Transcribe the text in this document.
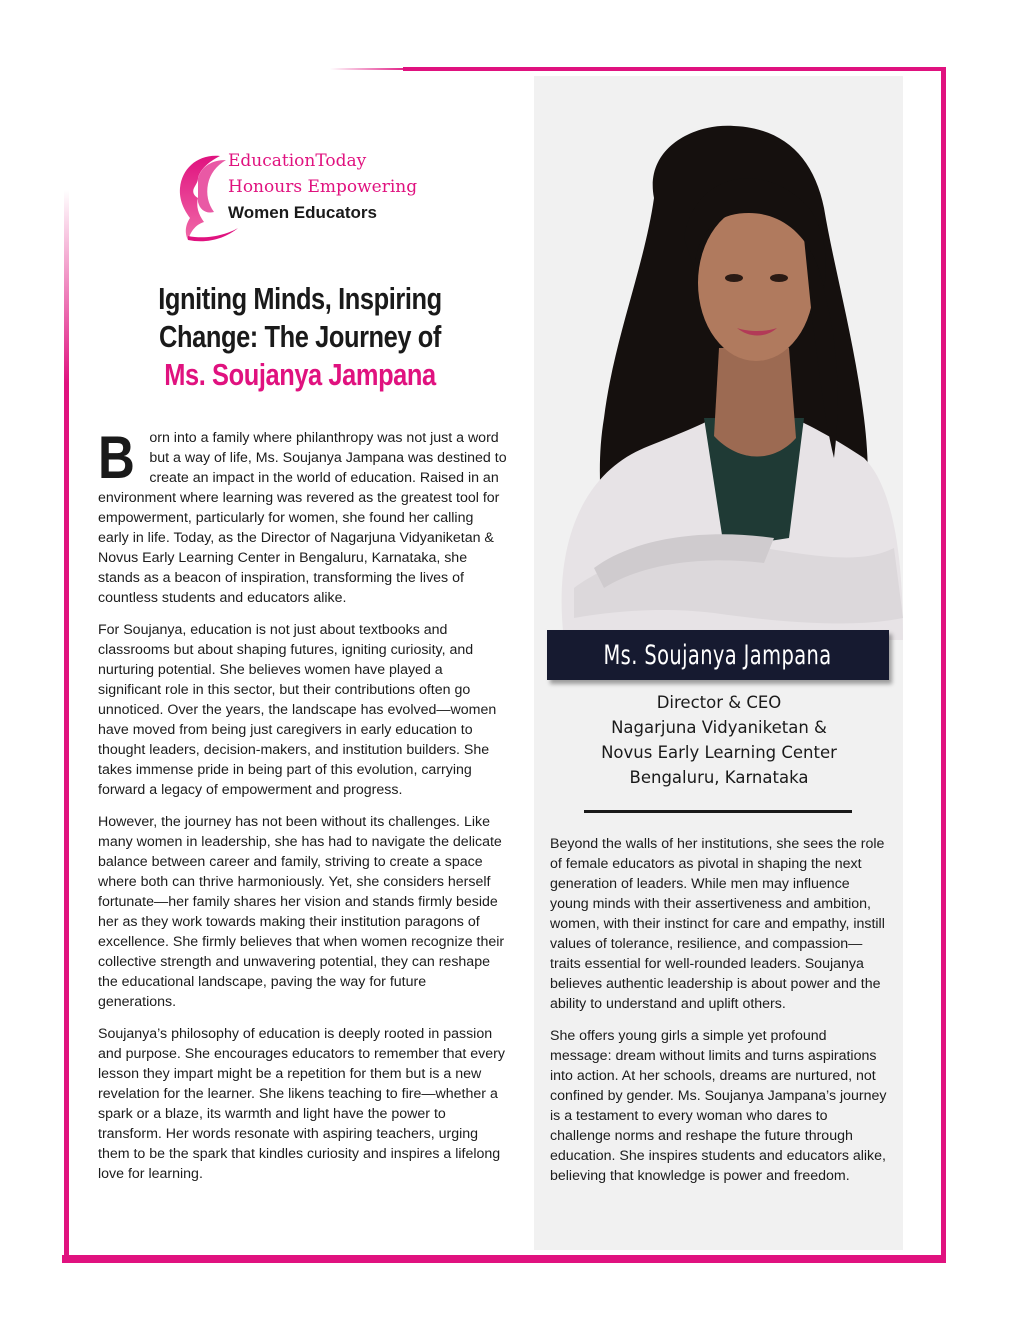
EducationToday
Honours Empowering
Women Educators
Igniting Minds, Inspiring
Change: The Journey of
Ms. Soujanya Jampana

B orn into a family where philanthropy was not just a word but a way of life, Ms. Soujanya Jampana was destined to create an impact in the world of education. Raised in an environment where learning was revered as the greatest tool for empowerment, particularly for women, she found her calling early in life. Today, as the Director of Nagarjuna Vidyaniketan & Novus Early Learning Center in Bengaluru, Karnataka, she stands as a beacon of inspiration, transforming the lives of countless students and educators alike.

For Soujanya, education is not just about textbooks and classrooms but about shaping futures, igniting curiosity, and nurturing potential. She believes women have played a significant role in this sector, but their contributions often go unnoticed. Over the years, the landscape has evolved—women have moved from being just caregivers in early education to thought leaders, decision-makers, and institution builders. She takes immense pride in being part of this evolution, carrying forward a legacy of empowerment and progress.

However, the journey has not been without its challenges. Like many women in leadership, she has had to navigate the delicate balance between career and family, striving to create a space where both can thrive harmoniously. Yet, she considers herself fortunate—her family shares her vision and stands firmly beside her as they work towards making their institution paragons of excellence. She firmly believes that when women recognize their collective strength and unwavering potential, they can reshape the educational landscape, paving the way for future generations.

Soujanya’s philosophy of education is deeply rooted in passion and purpose. She encourages educators to remember that every lesson they impart might be a repetition for them but is a new revelation for the learner. She likens teaching to fire—whether a spark or a blaze, its warmth and light have the power to transform. Her words resonate with aspiring teachers, urging them to be the spark that kindles curiosity and inspires a lifelong love for learning.

Ms. Soujanya Jampana
Director & CEO
Nagarjuna Vidyaniketan &
Novus Early Learning Center
Bengaluru, Karnataka

Beyond the walls of her institutions, she sees the role of female educators as pivotal in shaping the next generation of leaders. While men may influence young minds with their assertiveness and ambition, women, with their instinct for care and empathy, instill values of tolerance, resilience, and compassion—traits essential for well-rounded leaders. Soujanya believes authentic leadership is about power and the ability to understand and uplift others.

She offers young girls a simple yet profound message: dream without limits and turns aspirations into action. At her schools, dreams are nurtured, not confined by gender. Ms. Soujanya Jampana’s journey is a testament to every woman who dares to challenge norms and reshape the future through education. She inspires students and educators alike, believing that knowledge is power and freedom.
